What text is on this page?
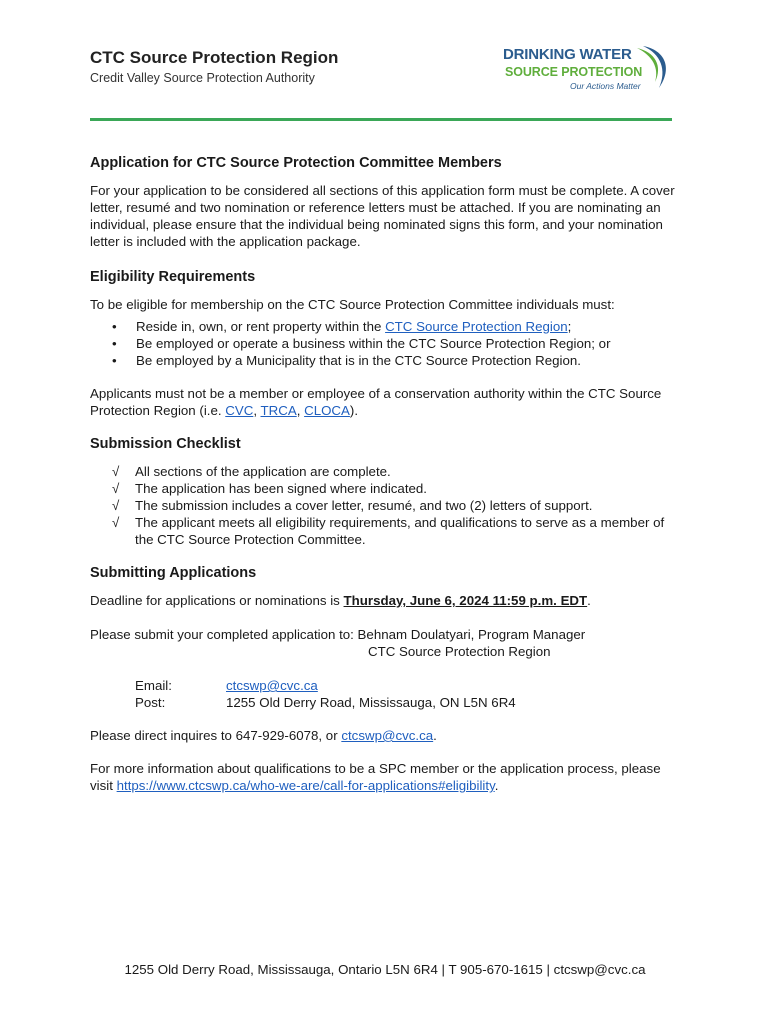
CTC Source Protection Region
Credit Valley Source Protection Authority
DRINKING WATER
SOURCE PROTECTION
Our Actions Matter
Application for CTC Source Protection Committee Members

For your application to be considered all sections of this application form must be complete. A cover letter, resumé and two nomination or reference letters must be attached. If you are nominating an individual, please ensure that the individual being nominated signs this form, and your nomination letter is included with the application package.

Eligibility Requirements

To be eligible for membership on the CTC Source Protection Committee individuals must:

• Reside in, own, or rent property within the CTC Source Protection Region;
• Be employed or operate a business within the CTC Source Protection Region; or
• Be employed by a Municipality that is in the CTC Source Protection Region.

Applicants must not be a member or employee of a conservation authority within the CTC Source Protection Region (i.e. CVC, TRCA, CLOCA).

Submission Checklist
√ All sections of the application are complete.
√ The application has been signed where indicated.
√ The submission includes a cover letter, resumé, and two (2) letters of support.
√ The applicant meets all eligibility requirements, and qualifications to serve as a member of the CTC Source Protection Committee.
Submitting Applications

Deadline for applications or nominations is Thursday, June 6, 2024 11:59 p.m. EDT.

Please submit your completed application to: Behnam Doulatyari, Program Manager

CTC Source Protection Region

Email:	ctcswp@cvc.ca
Post:	1255 Old Derry Road, Mississauga, ON L5N 6R4

Please direct inquires to 647-929-6078, or ctcswp@cvc.ca.

For more information about qualifications to be a SPC member or the application process, please visit https://www.ctcswp.ca/who-we-are/call-for-applications#eligibility.

1255 Old Derry Road, Mississauga, Ontario L5N 6R4 | T 905-670-1615 | ctcswp@cvc.ca
